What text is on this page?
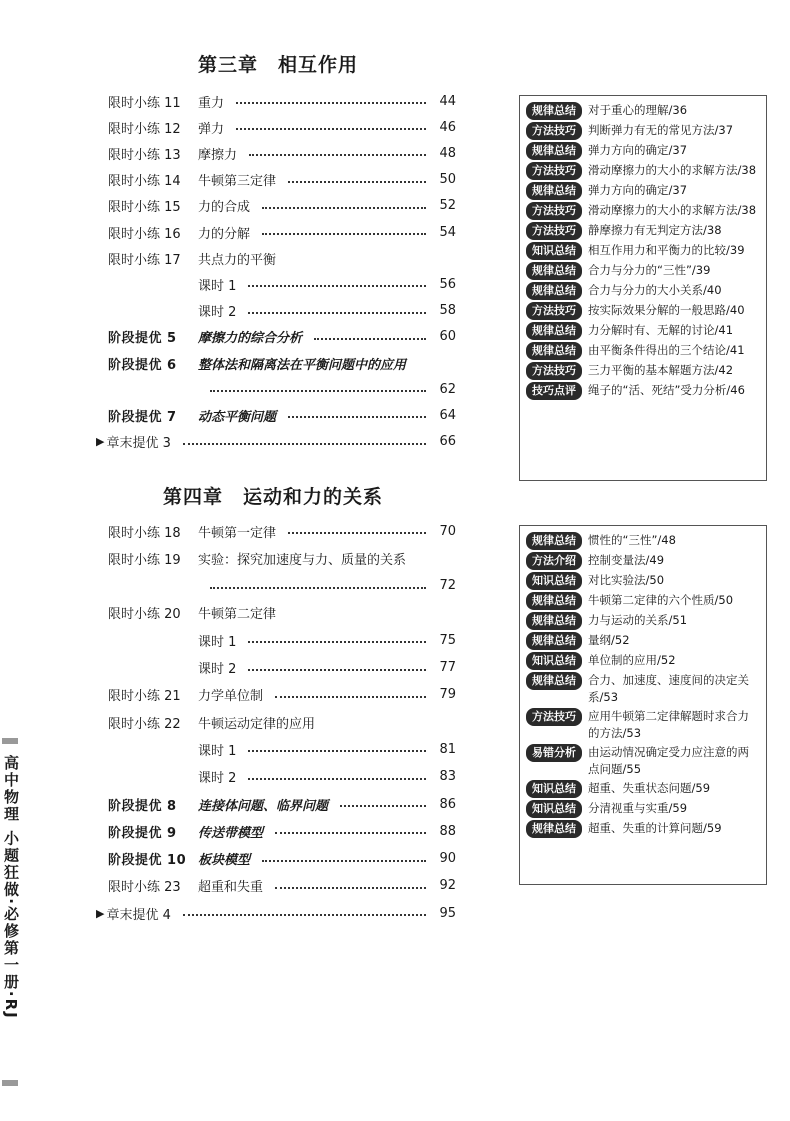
第三章　相互作用
限时小练 11	重力	44
限时小练 12	弹力	46
限时小练 13	摩擦力	48
限时小练 14	牛顿第三定律	50
限时小练 15	力的合成	52
限时小练 16	力的分解	54
限时小练 17	共点力的平衡
课时 1	56
课时 2	58
阶段提优 5	摩擦力的综合分析	60
阶段提优 6	整体法和隔离法在平衡问题中的应用
62
阶段提优 7	动态平衡问题	64
▶ 章末提优 3	66
规律总结	对于重心的理解/36
方法技巧	判断弹力有无的常见方法/37
规律总结	弹力方向的确定/37
方法技巧	滑动摩擦力的大小的求解方法/38
规律总结	弹力方向的确定/37
方法技巧	滑动摩擦力的大小的求解方法/38
方法技巧	静摩擦力有无判定方法/38
知识总结	相互作用力和平衡力的比较/39
规律总结	合力与分力的“三性”/39
规律总结	合力与分力的大小关系/40
方法技巧	按实际效果分解的一般思路/40
规律总结	力分解时有、无解的讨论/41
规律总结	由平衡条件得出的三个结论/41
方法技巧	三力平衡的基本解题方法/42
技巧点评	绳子的“活、死结”受力分析/46
第四章　运动和力的关系
限时小练 18	牛顿第一定律	70
限时小练 19	实验：探究加速度与力、质量的关系
72
限时小练 20	牛顿第二定律
课时 1	75
课时 2	77
限时小练 21	力学单位制	79
限时小练 22	牛顿运动定律的应用
课时 1	81
课时 2	83
阶段提优 8	连接体问题、临界问题	86
阶段提优 9	传送带模型	88
阶段提优 10 板块模型	90
限时小练 23	超重和失重	92
▶ 章末提优 4	95
规律总结	惯性的“三性”/48
方法介绍	控制变量法/49
知识总结	对比实验法/50
规律总结	牛顿第二定律的六个性质/50
规律总结	力与运动的关系/51
规律总结	量纲/52
知识总结	单位制的应用/52
规律总结	合力、加速度、速度间的决定关系/53
方法技巧	应用牛顿第二定律解题时求合力的方法/53
易错分析	由运动情况确定受力应注意的两点问题/55
知识总结	超重、失重状态问题/59
知识总结	分清视重与实重/59
规律总结	超重、失重的计算问题/59
高中物理 小题狂做·必修第一册·RJ
